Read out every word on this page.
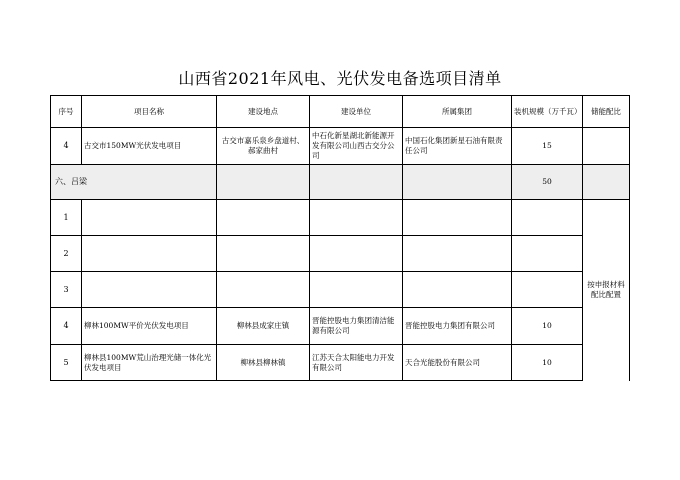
山西省2021年风电、光伏发电备选项目清单
序号	项目名称	建设地点	建设单位	所属集团	装机规模（万千瓦）	储能配比
4	古交市150MW光伏发电项目	古交市嘉乐泉乡盘道村、郝家曲村	中石化新星湖北新能源开发有限公司山西古交分公司	中国石化集团新星石油有限责任公司	15	
六、吕梁					50	
1						按申报材料配比配置
2						
3						
4	柳林100MW平价光伏发电项目	柳林县成家庄镇	晋能控股电力集团清洁能源有限公司	晋能控股电力集团有限公司	10	
5	柳林县100MW荒山治理光储一体化光伏发电项目	柳林县柳林镇	江苏天合太阳能电力开发有限公司	天合光能股份有限公司	10	
